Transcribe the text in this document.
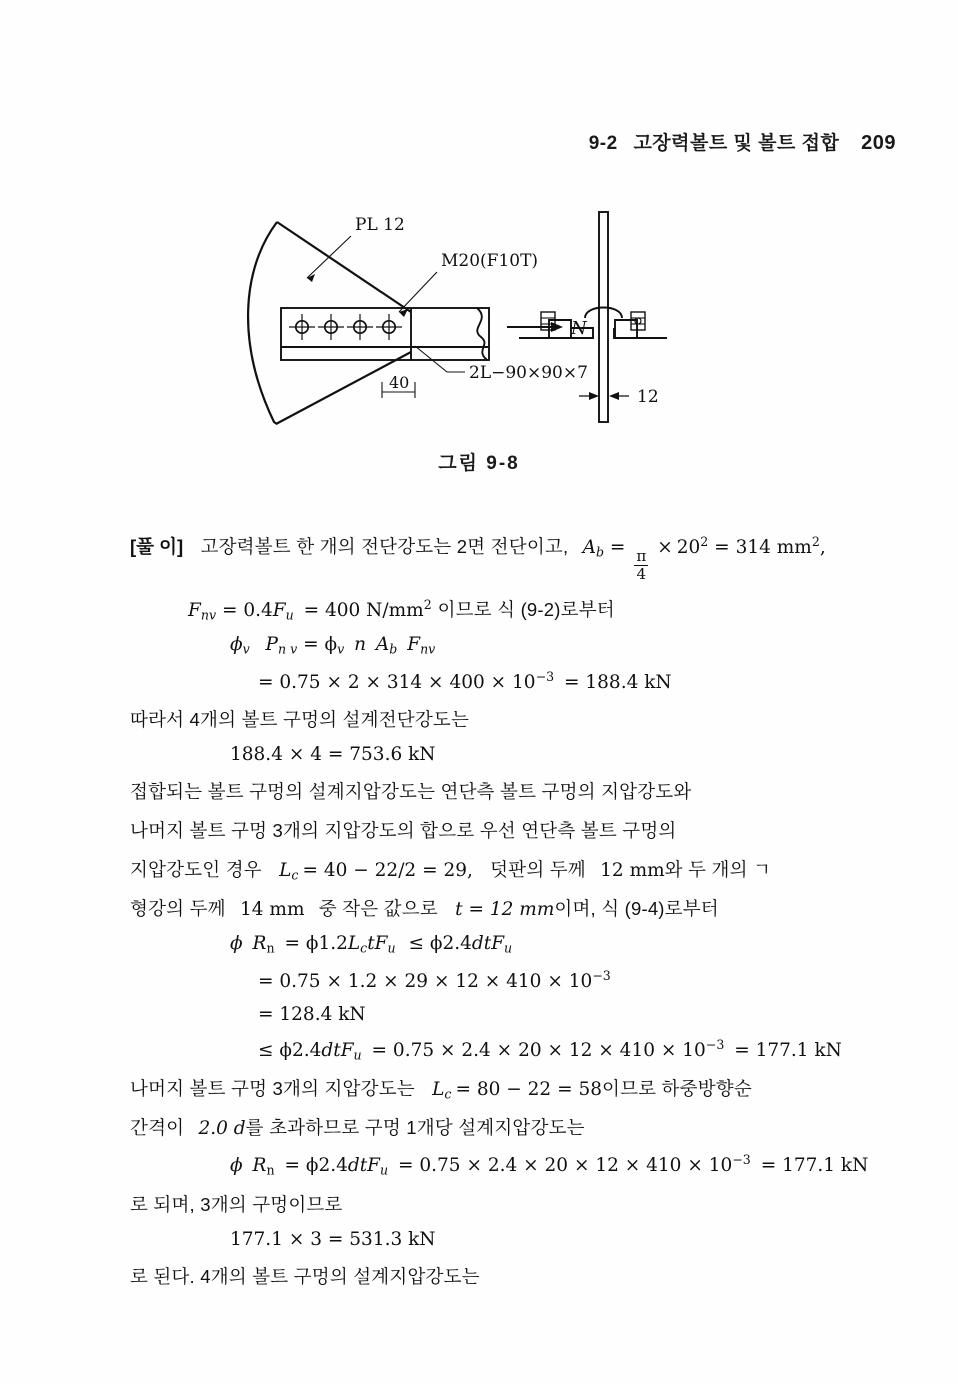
9-2 고장력볼트 및 볼트 접합 209
PL 12
M20(F10T)
2L−90×90×7
N
40
12
그림 9-8
[풀 이] 고장력볼트 한 개의 전단강도는 2면 전단이고, $A_b$ =
$\frac{\pi}{4}$
× $20^2 = 314$ $mm^2$,
$F_{nv} = 0.4F_u = 400$ $N/mm^2$ 이므로 식 (9-2)로부터
$\phi_v$ $P_{n v} = \phi_v$ n $A_b$ $F_{nv}$
= $0.75 \times 2 \times 314 \times 400 \times 10^{-3} = 188.4$ kN
따라서 4개의 볼트 구멍의 설계전단강도는
188.4 × 4 = 753.6 kN
접합되는 볼트 구멍의 설계지압강도는 연단측 볼트 구멍의 지압강도와
나머지 볼트 구멍 3개의 지압강도의 합으로 우선 연단측 볼트 구멍의
지압강도인 경우 $L_c = 40 - 22/2 = 29$, 덧판의 두께 12 mm와 두 개의 ㄱ
형강의 두께 14 mm 중 작은 값으로 t = 12 mm이며, 식 (9-4)로부터
ϕ $R_n = \phi 1.2L_ctF_u \le \phi 2.4dtF_u$
= $0.75 \times 1.2 \times 29 \times 12 \times 410 \times 10^{-3}$
= 128.4 kN
≤ $\phi 2.4dtF_u = 0.75 \times 2.4 \times 20 \times 12 \times 410 \times 10^{-3} = 177.1$ kN
나머지 볼트 구멍 3개의 지압강도는 $L_c = 80 - 22 = 58$이므로 하중방향순
간격이 2.0 d를 초과하므로 구멍 1개당 설계지압강도는
ϕ $R_n = \phi 2.4dtF_u = 0.75 \times 2.4 \times 20 \times 12 \times 410 \times 10^{-3} = 177.1$ kN
로 되며, 3개의 구멍이므로
177.1 × 3 = 531.3 kN
로 된다. 4개의 볼트 구멍의 설계지압강도는
